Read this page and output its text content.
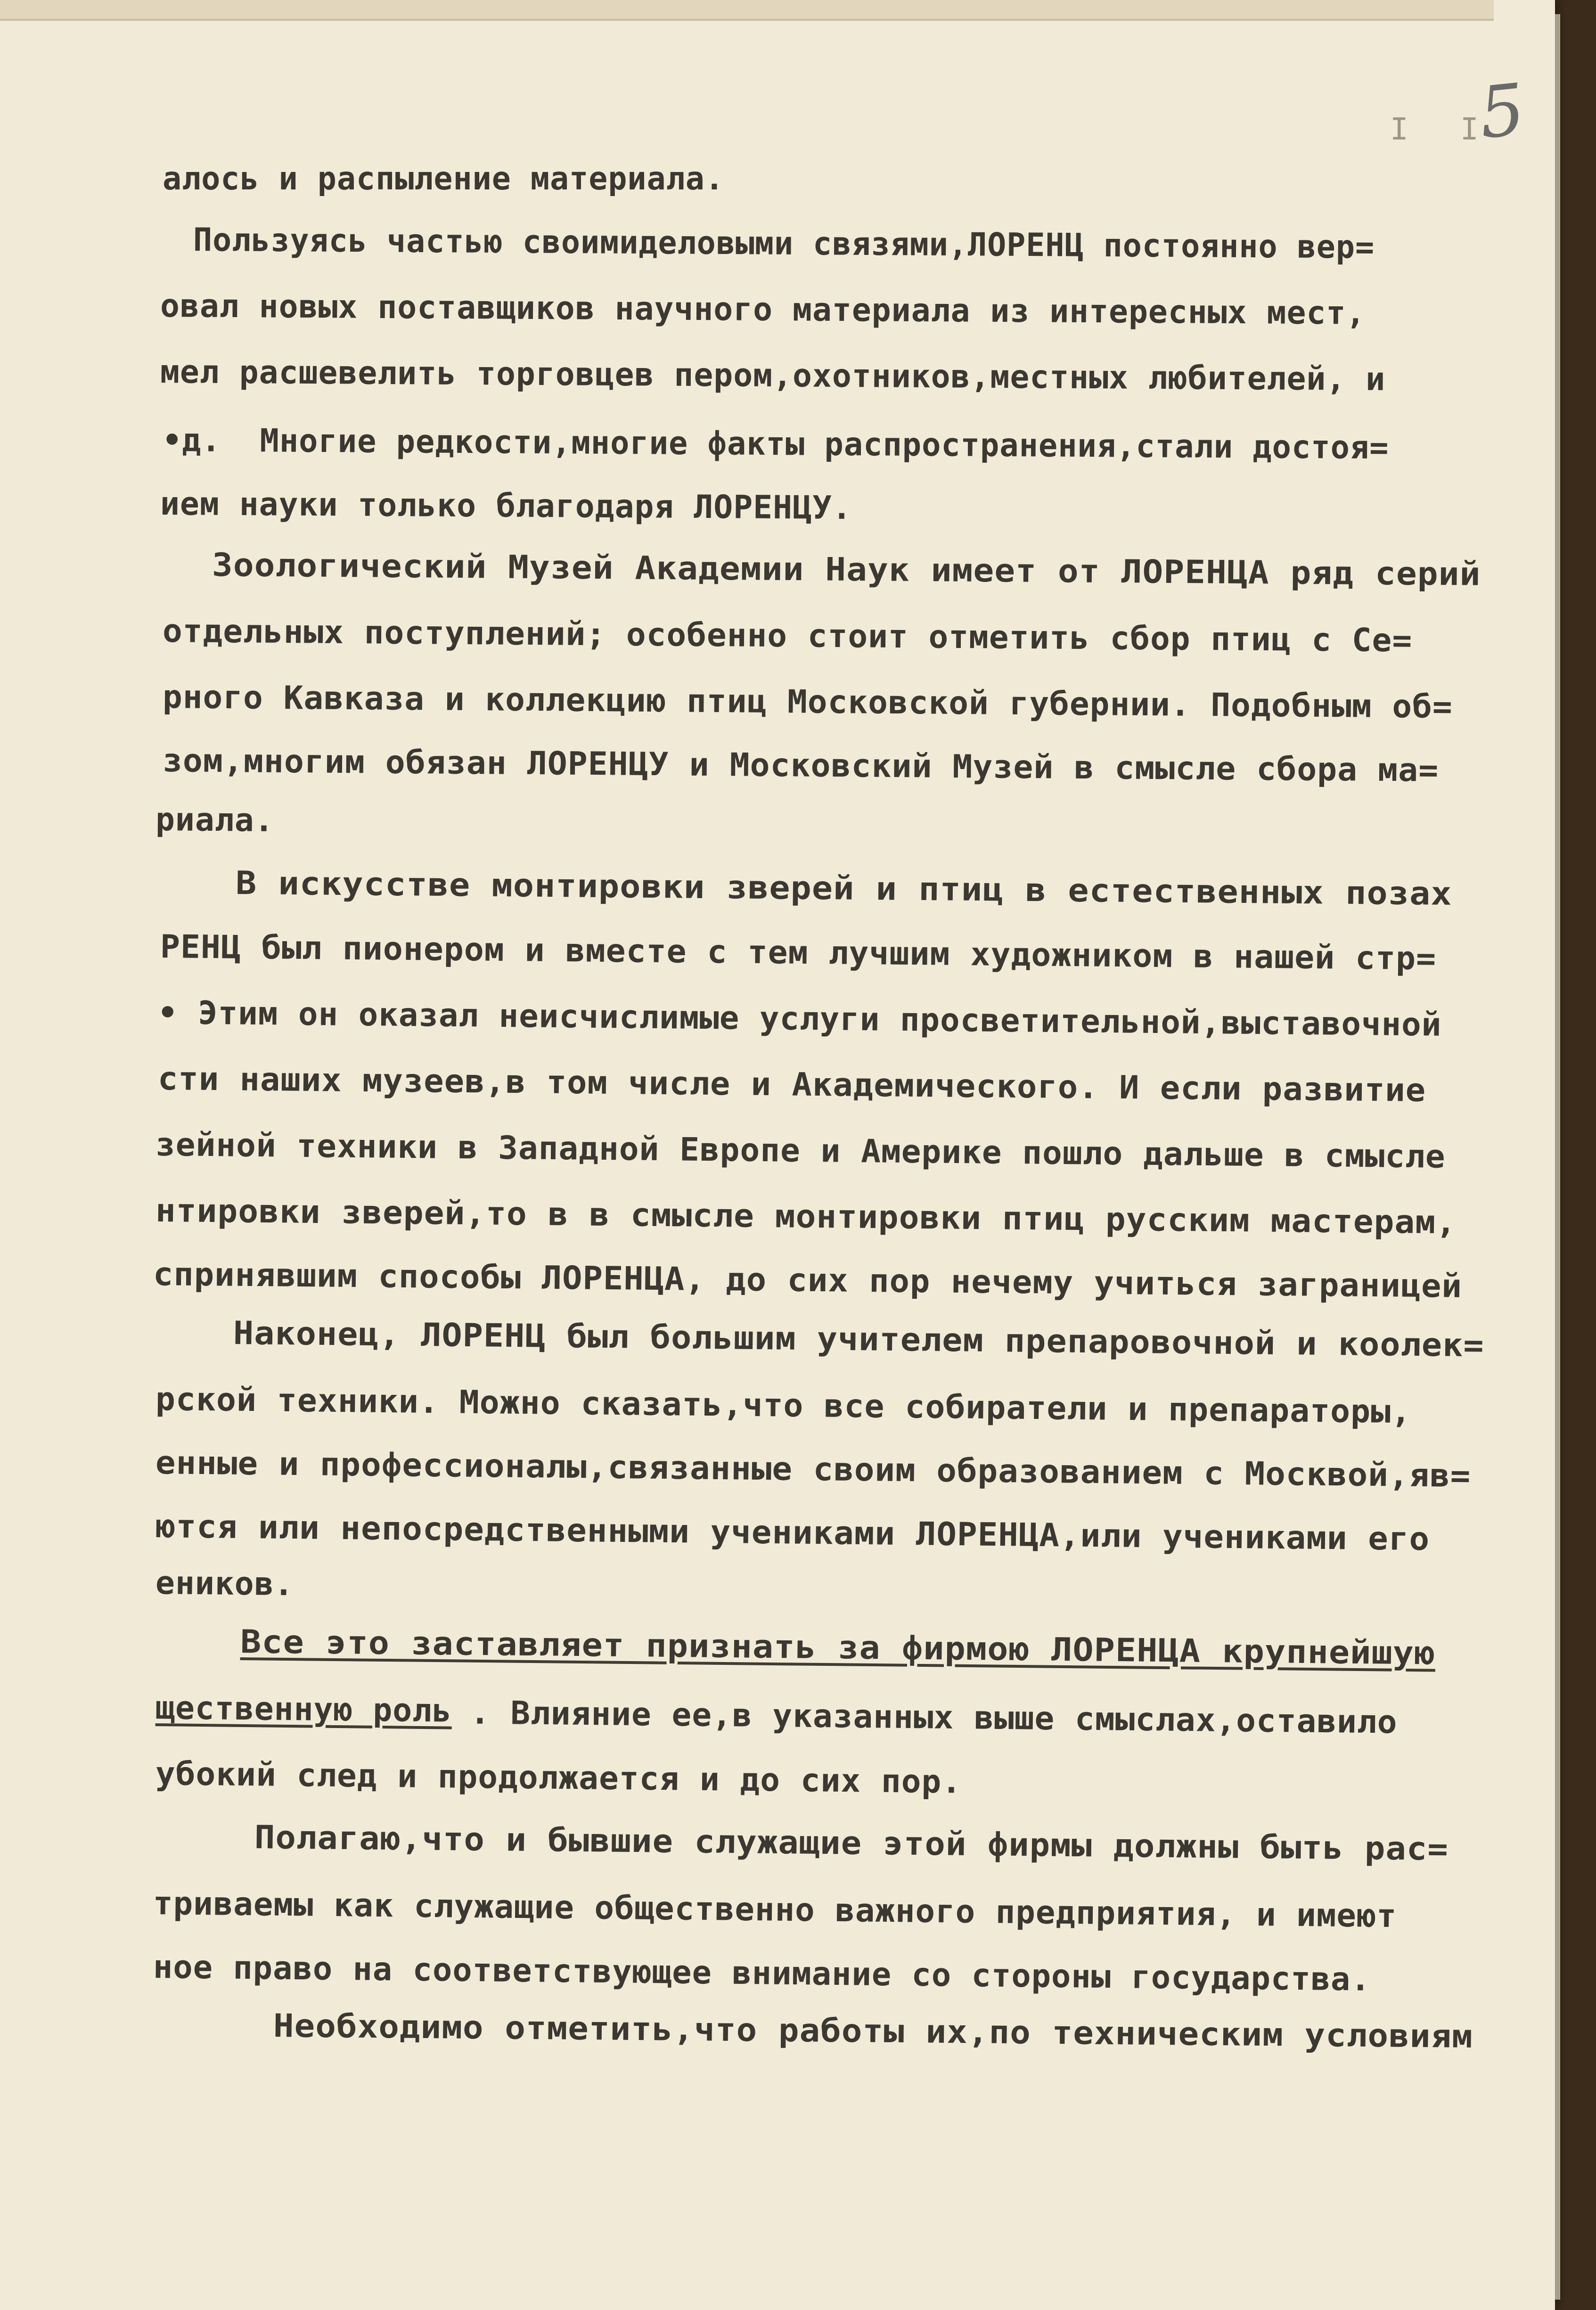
I I
5
алось и распыление материала.
Пользуясь частью своимиделовыми связями,ЛОРЕНЦ постоянно вер=
овал новых поставщиков научного материала из интересных мест,
мел расшевелить торговцев пером,охотников,местных любителей, и
•д.  Многие редкости,многие факты распространения,стали достоя=
ием науки только благодаря ЛОРЕНЦУ.
Зоологический Музей Академии Наук имеет от ЛОРЕНЦА ряд серий
отдельных поступлений; особенно стоит отметить сбор птиц с Се=
рного Кавказа и коллекцию птиц Московской губернии. Подобным об=
зом,многим обязан ЛОРЕНЦУ и Московский Музей в смысле сбора ма=
риала.
В искусстве монтировки зверей и птиц в естественных позах
РЕНЦ был пионером и вместе с тем лучшим художником в нашей стр=
• Этим он оказал неисчислимые услуги просветительной,выставочной
сти наших музеев,в том числе и Академического. И если развитие
зейной техники в Западной Европе и Америке пошло дальше в смысле
нтировки зверей,то в в смысле монтировки птиц русским мастерам,
спринявшим способы ЛОРЕНЦА, до сих пор нечему учиться заграницей
Наконец, ЛОРЕНЦ был большим учителем препаровочной и коолек=
рской техники. Можно сказать,что все собиратели и препараторы,
енные и профессионалы,связанные своим образованием с Москвой,яв=
ются или непосредственными учениками ЛОРЕНЦА,или учениками его
еников.
Все это заставляет признать за фирмою ЛОРЕНЦА крупнейшую
щественную роль
. Влияние ее,в указанных выше смыслах,оставило
убокий след и продолжается и до сих пор.
Полагаю,что и бывшие служащие этой фирмы должны быть рас=
триваемы как служащие общественно важного предприятия, и имеют
ное право на соответствующее внимание со стороны государства.
Необходимо отметить,что работы их,по техническим условиям
